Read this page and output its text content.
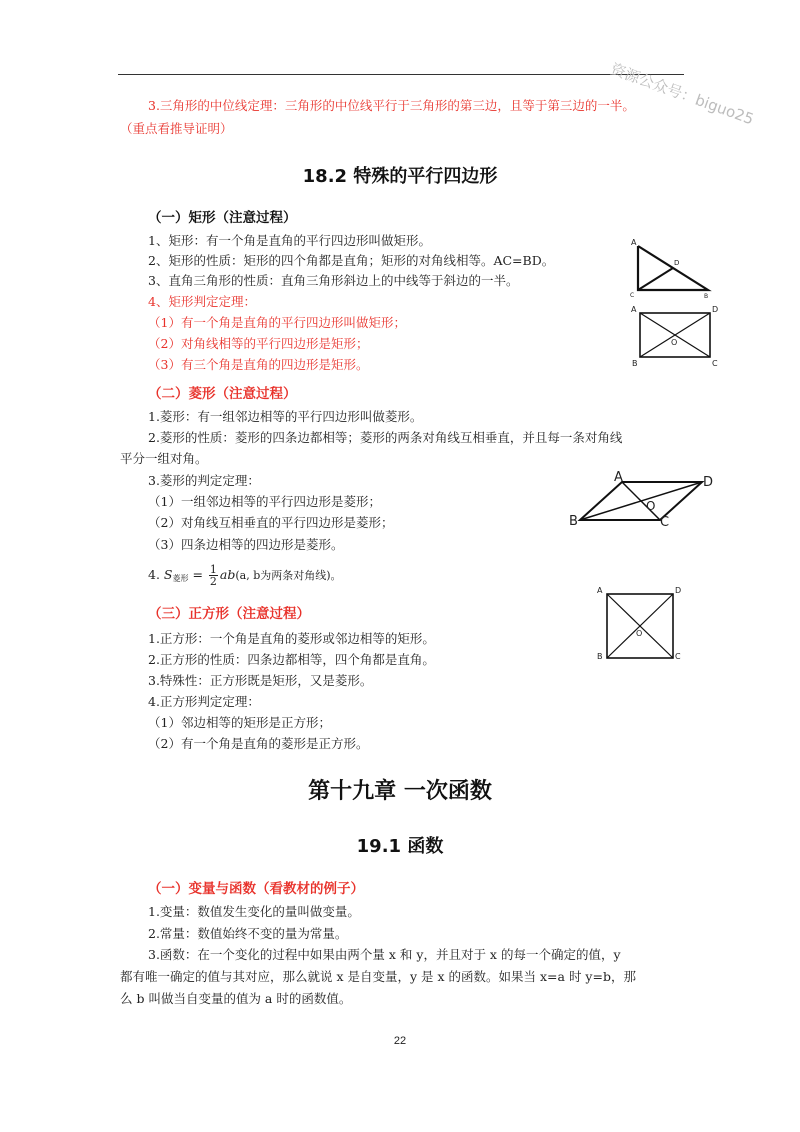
资源公众号：biguo25
3.三角形的中位线定理：三角形的中位线平行于三角形的第三边，且等于第三边的一半。
（重点看推导证明）
18.2 特殊的平行四边形
（一）矩形（注意过程）
1、矩形：有一个角是直角的平行四边形叫做矩形。
2、矩形的性质：矩形的四个角都是直角；矩形的对角线相等。AC=BD。
3、直角三角形的性质：直角三角形斜边上的中线等于斜边的一半。
4、矩形判定定理：
（1）有一个角是直角的平行四边形叫做矩形；
（2）对角线相等的平行四边形是矩形；
（3）有三个角是直角的四边形是矩形。
A
D
C	B
A	D
O
B	C
（二）菱形（注意过程）
1.菱形：有一组邻边相等的平行四边形叫做菱形。
2.菱形的性质：菱形的四条边都相等；菱形的两条对角线互相垂直，并且每一条对角线
平分一组对角。
3.菱形的判定定理：
（1）一组邻边相等的平行四边形是菱形；
（2）对角线互相垂直的平行四边形是菱形；
（3）四条边相等的四边形是菱形。
4. $S_{菱形} = \frac{1}{2} ab(a$, b为两条对角线)。
A	D
O
B	C
（三）正方形（注意过程）
1.正方形：一个角是直角的菱形或邻边相等的矩形。
2.正方形的性质：四条边都相等，四个角都是直角。
3.特殊性：正方形既是矩形，又是菱形。
4.正方形判定定理：
（1）邻边相等的矩形是正方形；
（2）有一个角是直角的菱形是正方形。
A	D
O
B	C
第十九章 一次函数
19.1 函数
（一）变量与函数（看教材的例子）
1.变量：数值发生变化的量叫做变量。
2.常量：数值始终不变的量为常量。
3.函数：在一个变化的过程中如果由两个量 x 和 y，并且对于 x 的每一个确定的值，y
都有唯一确定的值与其对应，那么就说 x 是自变量，y 是 x 的函数。如果当 x=a 时 y=b，那
么 b 叫做当自变量的值为 a 时的函数值。
22
